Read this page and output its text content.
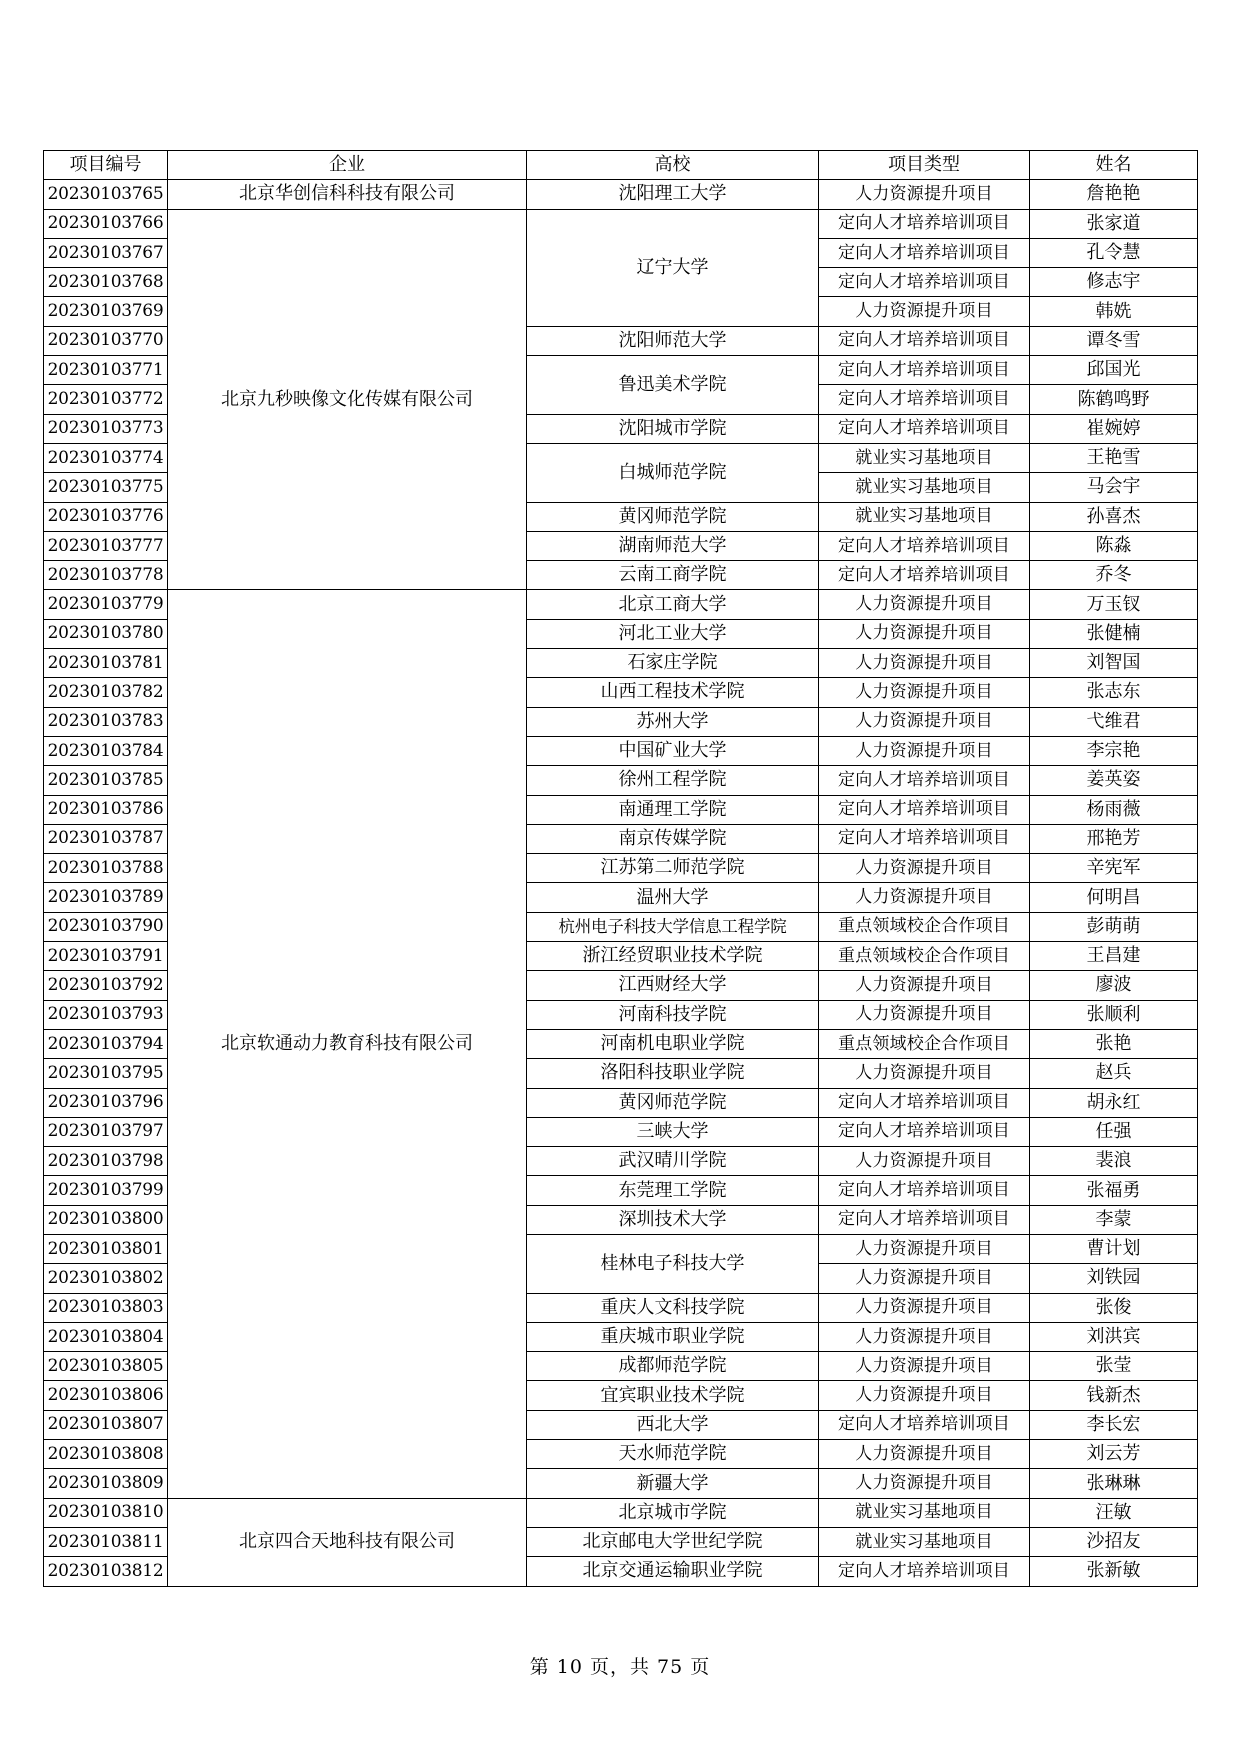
项目编号	企业	高校	项目类型	姓名
20230103765	北京华创信科科技有限公司	沈阳理工大学	人力资源提升项目	詹艳艳
20230103766	北京九秒映像文化传媒有限公司	辽宁大学	定向人才培养培训项目	张家道
20230103767			定向人才培养培训项目	孔令慧
20230103768			定向人才培养培训项目	修志宇
20230103769			人力资源提升项目	韩姺
20230103770		沈阳师范大学	定向人才培养培训项目	谭冬雪
20230103771		鲁迅美术学院	定向人才培养培训项目	邱国光
20230103772			定向人才培养培训项目	陈鹤鸣野
20230103773		沈阳城市学院	定向人才培养培训项目	崔婉婷
20230103774		白城师范学院	就业实习基地项目	王艳雪
20230103775			就业实习基地项目	马会宇
20230103776		黄冈师范学院	就业实习基地项目	孙喜杰
20230103777		湖南师范大学	定向人才培养培训项目	陈淼
20230103778		云南工商学院	定向人才培养培训项目	乔冬
20230103779	北京软通动力教育科技有限公司	北京工商大学	人力资源提升项目	万玉钗
20230103780		河北工业大学	人力资源提升项目	张健楠
20230103781		石家庄学院	人力资源提升项目	刘智国
20230103782		山西工程技术学院	人力资源提升项目	张志东
20230103783		苏州大学	人力资源提升项目	弋维君
20230103784		中国矿业大学	人力资源提升项目	李宗艳
20230103785		徐州工程学院	定向人才培养培训项目	姜英姿
20230103786		南通理工学院	定向人才培养培训项目	杨雨薇
20230103787		南京传媒学院	定向人才培养培训项目	邢艳芳
20230103788		江苏第二师范学院	人力资源提升项目	辛宪军
20230103789		温州大学	人力资源提升项目	何明昌
20230103790		杭州电子科技大学信息工程学院	重点领域校企合作项目	彭萌萌
20230103791		浙江经贸职业技术学院	重点领域校企合作项目	王昌建
20230103792		江西财经大学	人力资源提升项目	廖波
20230103793		河南科技学院	人力资源提升项目	张顺利
20230103794		河南机电职业学院	重点领域校企合作项目	张艳
20230103795		洛阳科技职业学院	人力资源提升项目	赵兵
20230103796		黄冈师范学院	定向人才培养培训项目	胡永红
20230103797		三峡大学	定向人才培养培训项目	任强
20230103798		武汉晴川学院	人力资源提升项目	裴浪
20230103799		东莞理工学院	定向人才培养培训项目	张福勇
20230103800		深圳技术大学	定向人才培养培训项目	李蒙
20230103801		桂林电子科技大学	人力资源提升项目	曹计划
20230103802			人力资源提升项目	刘铁园
20230103803		重庆人文科技学院	人力资源提升项目	张俊
20230103804		重庆城市职业学院	人力资源提升项目	刘洪宾
20230103805		成都师范学院	人力资源提升项目	张莹
20230103806		宜宾职业技术学院	人力资源提升项目	钱新杰
20230103807		西北大学	定向人才培养培训项目	李长宏
20230103808		天水师范学院	人力资源提升项目	刘云芳
20230103809		新疆大学	人力资源提升项目	张琳琳
20230103810	北京四合天地科技有限公司	北京城市学院	就业实习基地项目	汪敏
20230103811		北京邮电大学世纪学院	就业实习基地项目	沙招友
20230103812		北京交通运输职业学院	定向人才培养培训项目	张新敏
第 10 页，共 75 页
